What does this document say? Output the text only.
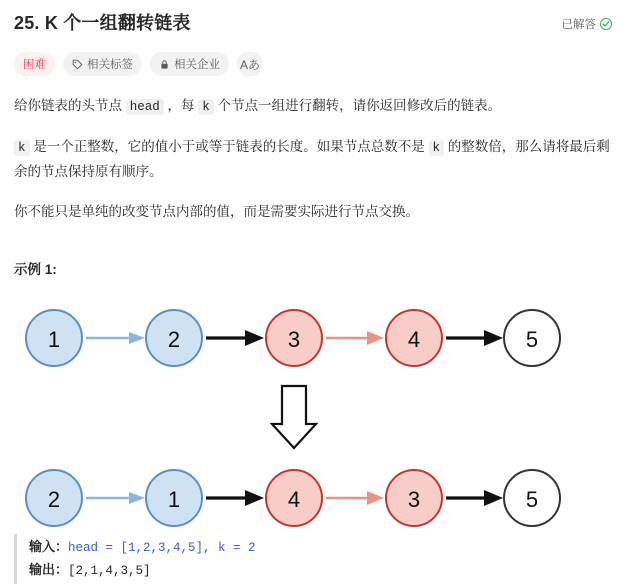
25. K 个一组翻转链表	已解答
困难	相关标签	相关企业 Aあ
给你链表的头节点 head ，每 k 个节点一组进行翻转，请你返回修改后的链表。
k 是一个正整数，它的值小于或等于链表的长度。如果节点总数不是 k 的整数倍，那么请将最后剩余的节点保持原有顺序。
你不能只是单纯的改变节点内部的值，而是需要实际进行节点交换。
示例 1:
1	2	3	4	5
2	1	4	3	5
输入：head = [1,2,3,4,5], k = 2
输出：[2,1,4,3,5]
